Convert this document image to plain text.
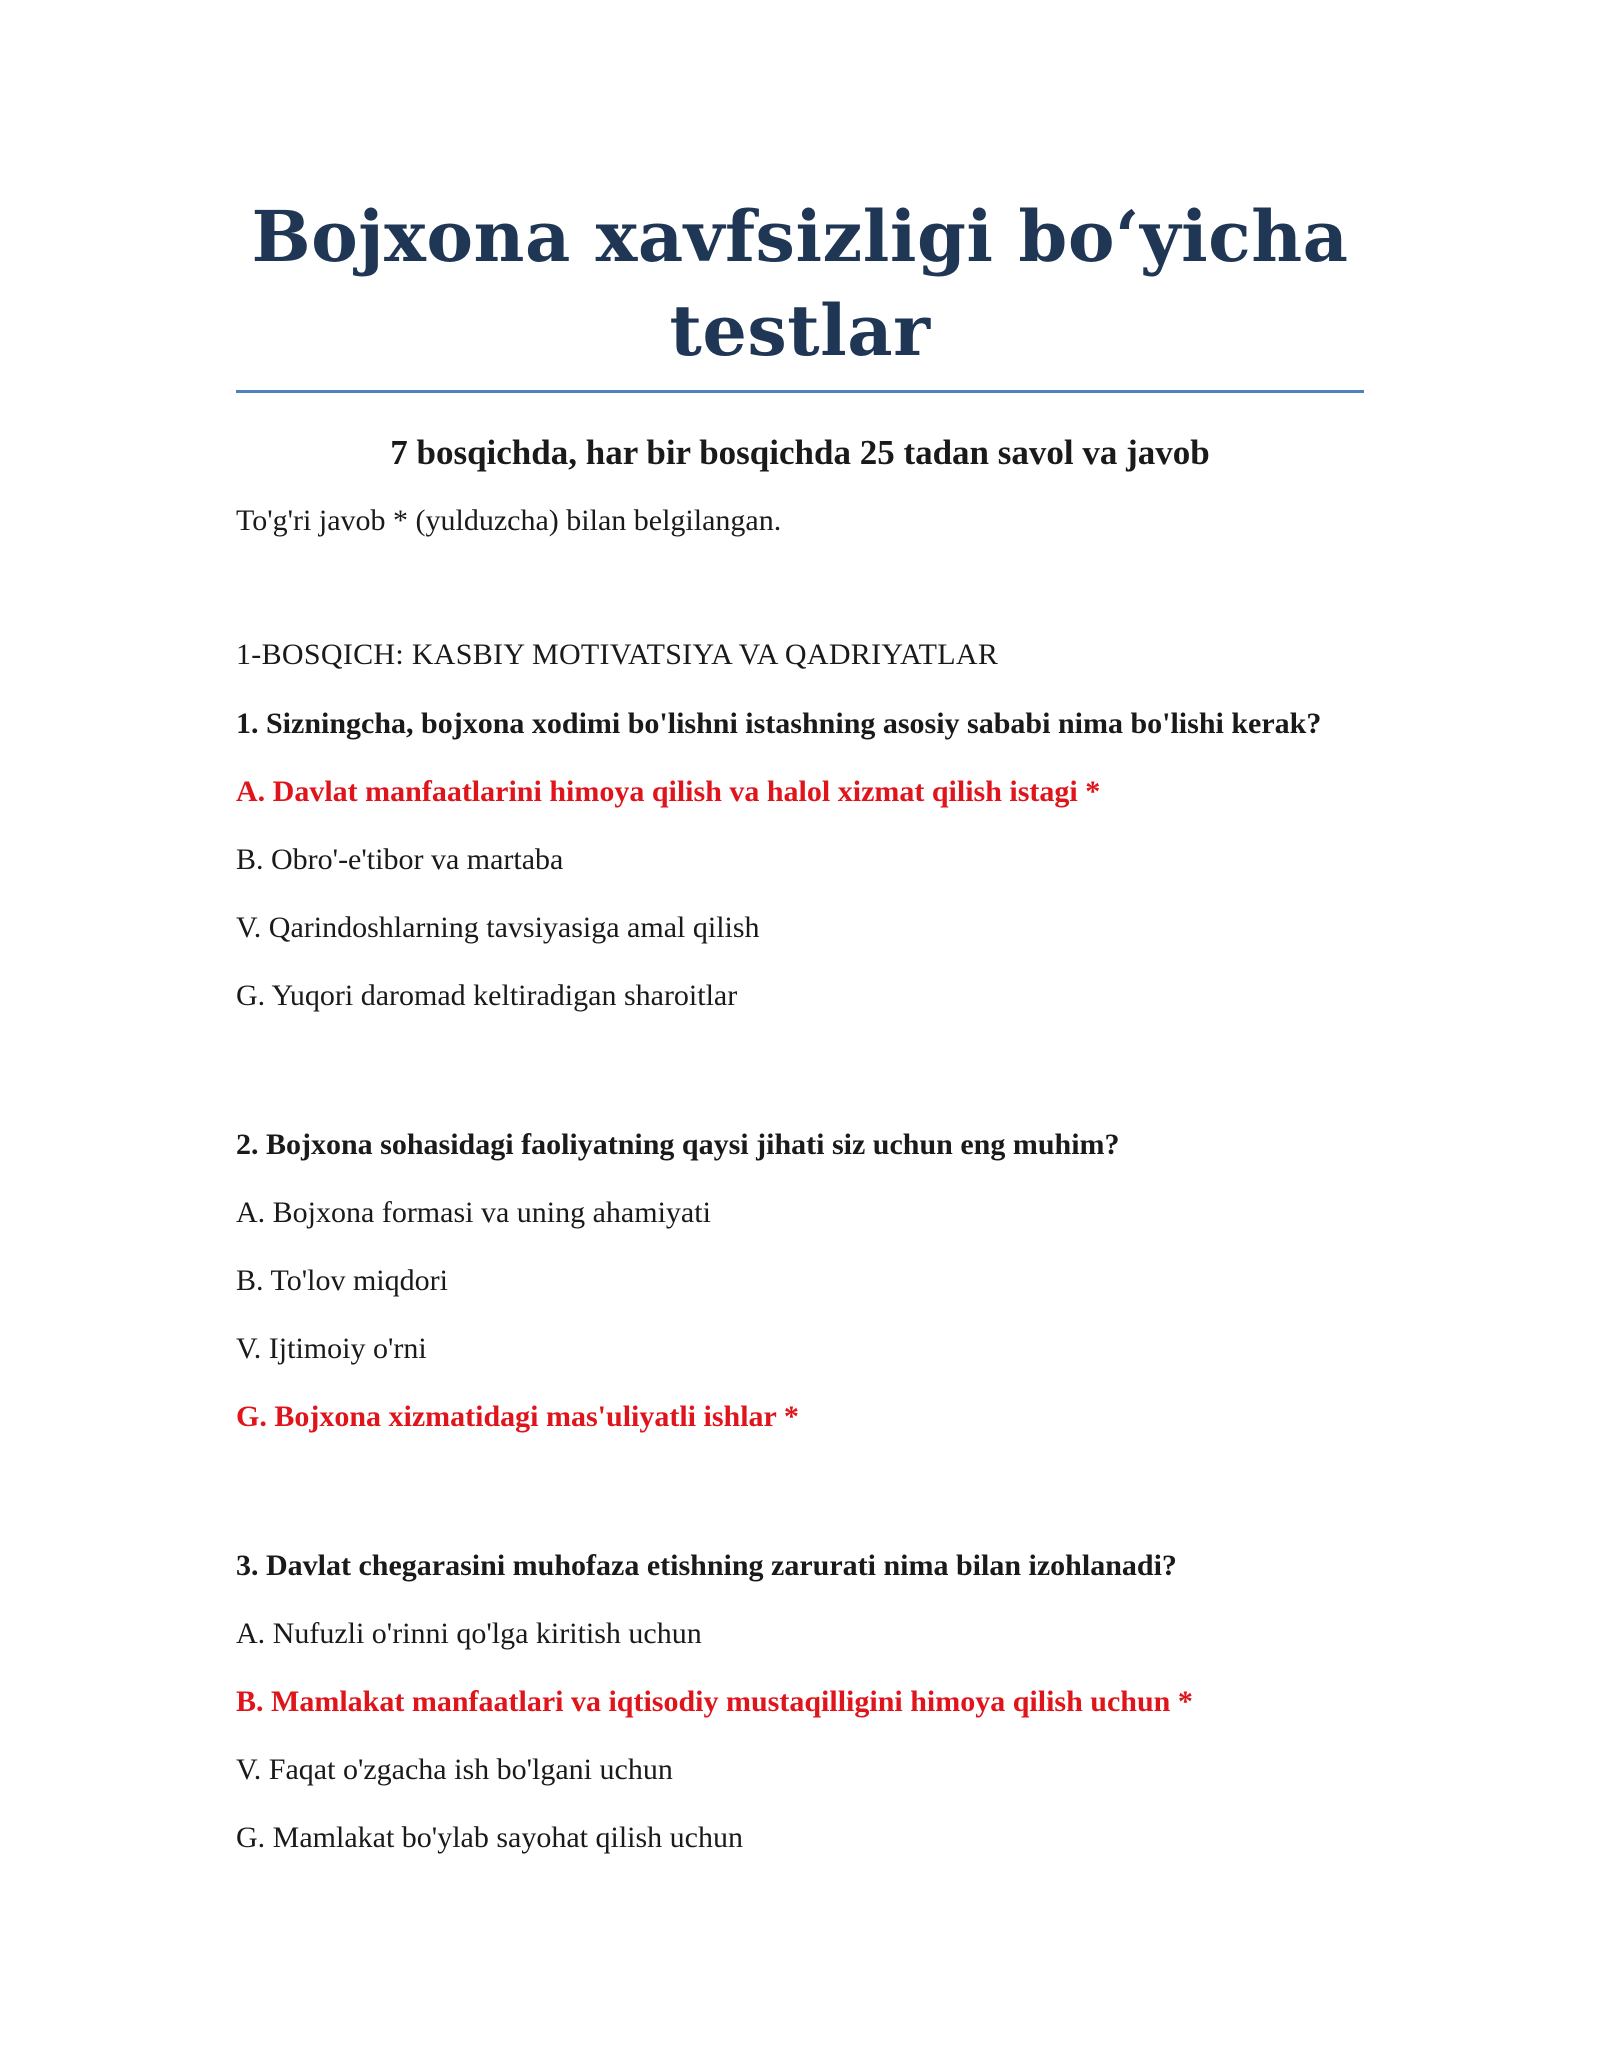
Bojxona xavfsizligi bo‘yicha testlar

7 bosqichda, har bir bosqichda 25 tadan savol va javob

To'g'ri javob * (yulduzcha) bilan belgilangan.

1-BOSQICH: KASBIY MOTIVATSIYA VA QADRIYATLAR

1. Sizningcha, bojxona xodimi bo'lishni istashning asosiy sababi nima bo'lishi kerak?

A. Davlat manfaatlarini himoya qilish va halol xizmat qilish istagi *

B. Obro'-e'tibor va martaba

V. Qarindoshlarning tavsiyasiga amal qilish

G. Yuqori daromad keltiradigan sharoitlar

2. Bojxona sohasidagi faoliyatning qaysi jihati siz uchun eng muhim?

A. Bojxona formasi va uning ahamiyati

B. To'lov miqdori

V. Ijtimoiy o'rni

G. Bojxona xizmatidagi mas'uliyatli ishlar *

3. Davlat chegarasini muhofaza etishning zarurati nima bilan izohlanadi?

A. Nufuzli o'rinni qo'lga kiritish uchun

B. Mamlakat manfaatlari va iqtisodiy mustaqilligini himoya qilish uchun *

V. Faqat o'zgacha ish bo'lgani uchun

G. Mamlakat bo'ylab sayohat qilish uchun
